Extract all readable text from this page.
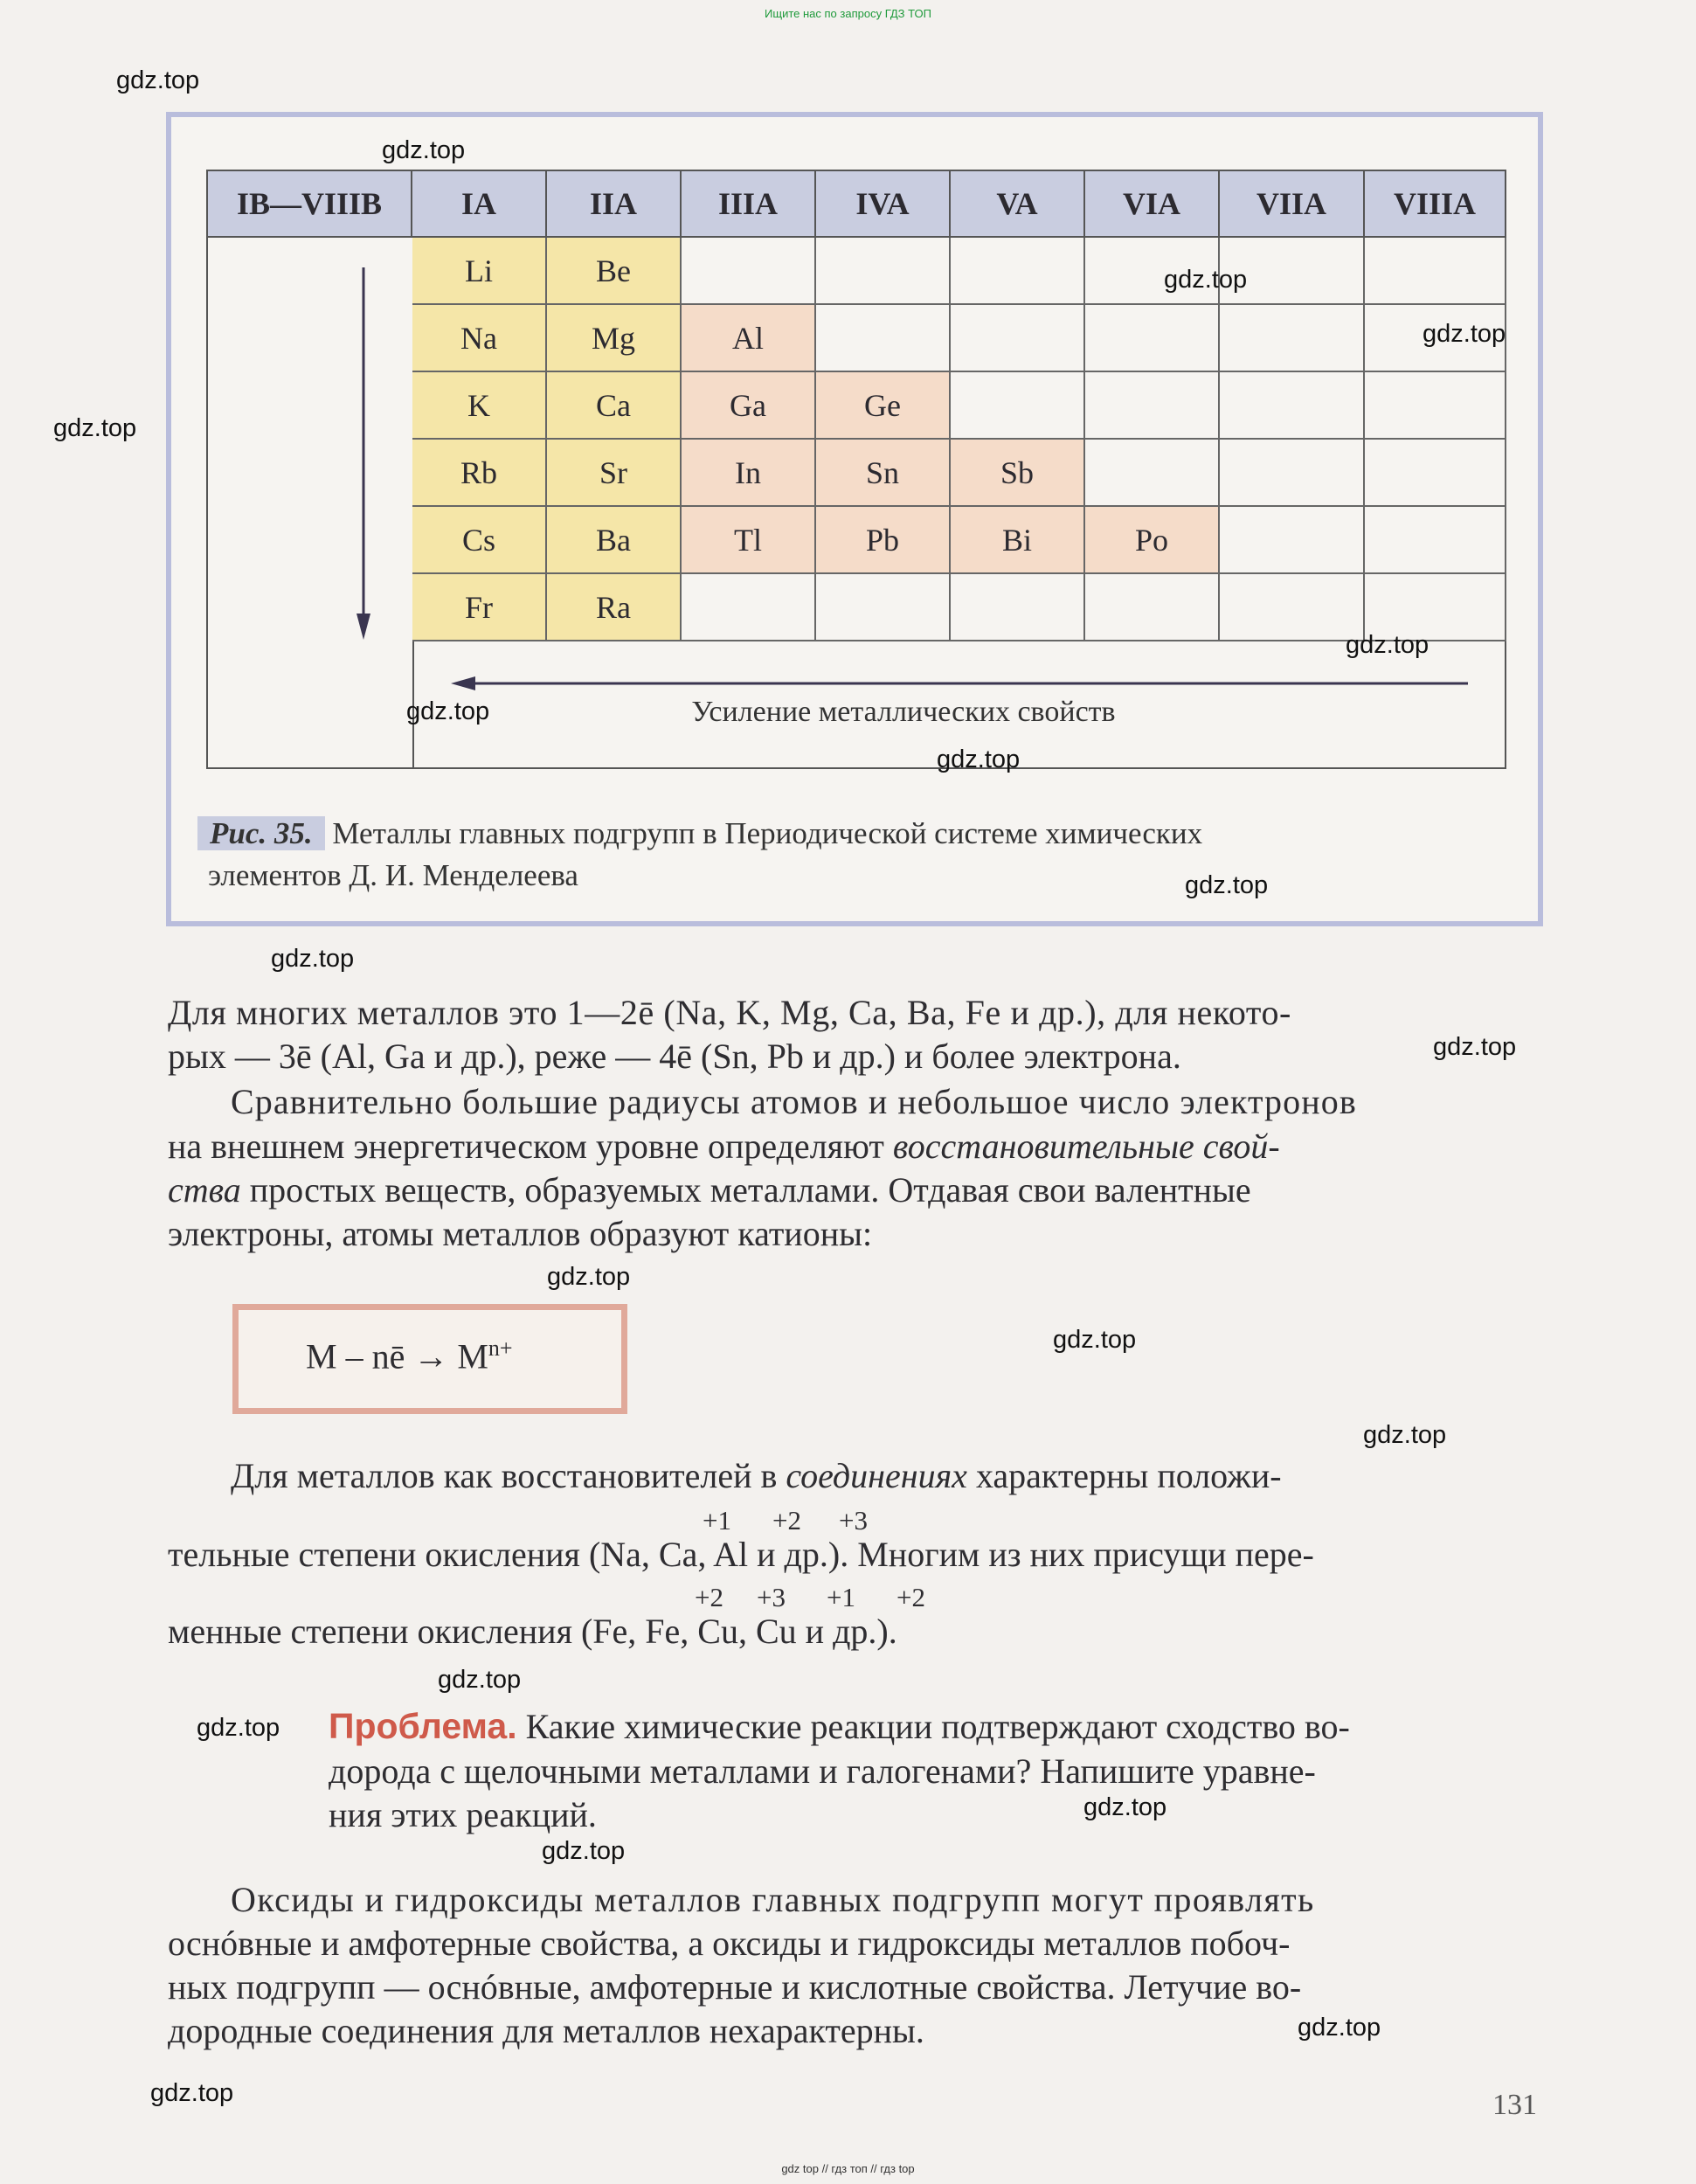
Ищите нас по запросу ГДЗ ТОП
Усиление металлических свойств
IB—VIIIB	IA	IIA	IIIA	IVA	VA	VIA	VIIA	VIIIA
Li	Be
Na	Mg	Al
K	Ca	Ga	Ge
Rb	Sr	In	Sn	Sb
Cs	Ba	Tl	Pb	Bi	Po
Fr	Ra
Рис. 35. Металлы главных подгрупп в Периодической системе химических
элементов Д. И. Менделеева
Для многих металлов это 1—2ē (Na, K, Mg, Ca, Ba, Fe и др.), для некото-
рых — 3ē (Al, Ga и др.), реже — 4ē (Sn, Pb и др.) и более электрона.
Сравнительно большие радиусы атомов и небольшое число электронов
на внешнем энергетическом уровне определяют восстановительные свой-
ства простых веществ, образуемых металлами. Отдавая свои валентные
электроны, атомы металлов образуют катионы:
M – nē → $M^{n+}$
Для металлов как восстановителей в соединениях характерны положи-
+1 +2 +3
тельные степени окисления (Na, Ca, Al и др.). Многим из них присущи пере-
+2 +3 +1 +2
менные степени окисления (Fe, Fe, Cu, Cu и др.).
Проблема. Какие химические реакции подтверждают сходство во-
дорода с щелочными металлами и галогенами? Напишите уравне-
ния этих реакций.
Оксиды и гидроксиды металлов главных подгрупп могут проявлять
оснóвные и амфотерные свойства, а оксиды и гидроксиды металлов побоч-
ных подгрупп — оснóвные, амфотерные и кислотные свойства. Летучие во-
дородные соединения для металлов нехарактерны.
131
gdz.top
gdz.top
gdz.top
gdz.top
gdz.top
gdz.top
gdz.top
gdz.top
gdz.top
gdz.top
gdz.top
gdz.top
gdz.top
gdz.top
gdz.top
gdz.top
gdz.top
gdz.top
gdz.top
gdz.top
gdz top // гдз топ // гдз top
